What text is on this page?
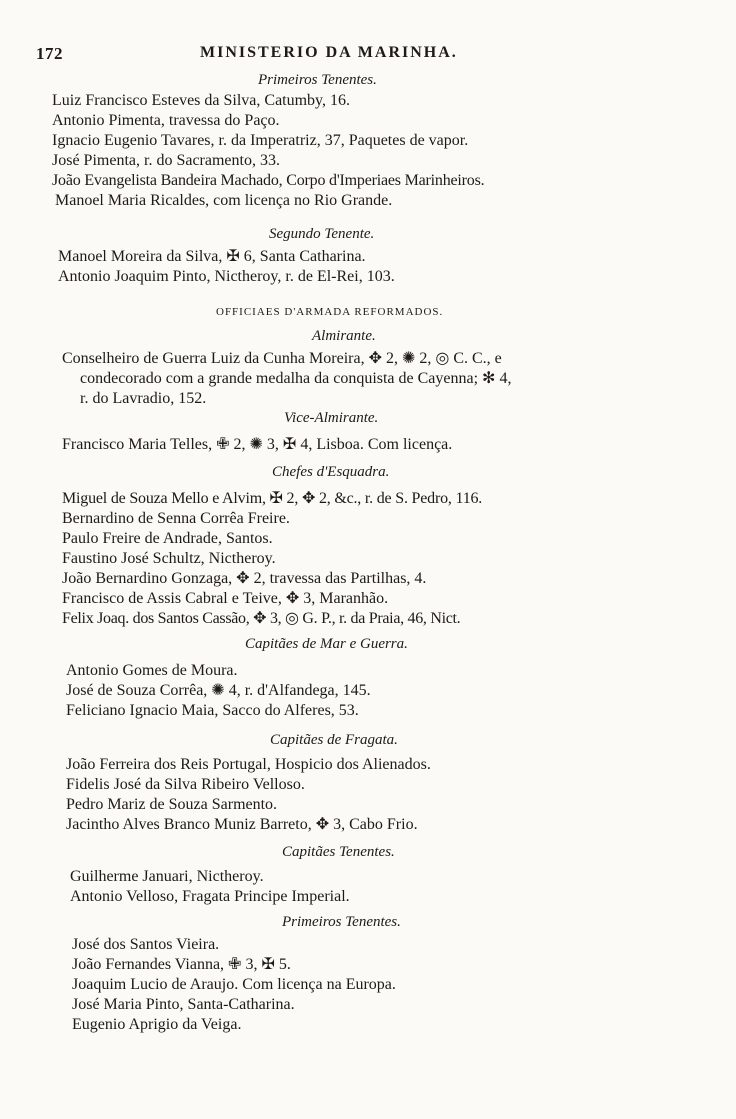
172	MINISTERIO DA MARINHA.
Primeiros Tenentes.
Luiz Francisco Esteves da Silva, Catumby, 16.
Antonio Pimenta, travessa do Paço.
Ignacio Eugenio Tavares, r. da Imperatriz, 37, Paquetes de vapor.
José Pimenta, r. do Sacramento, 33.
João Evangelista Bandeira Machado, Corpo d'Imperiaes Marinheiros.
Manoel Maria Ricaldes, com licença no Rio Grande.
Segundo Tenente.
Manoel Moreira da Silva, ✠ 6, Santa Catharina.
Antonio Joaquim Pinto, Nictheroy, r. de El-Rei, 103.
OFFICIAES D'ARMADA REFORMADOS.
Almirante.
Conselheiro de Guerra Luiz da Cunha Moreira, ✥ 2, ✺ 2, ◎ C. C., e
condecorado com a grande medalha da conquista de Cayenna; ✻ 4,
r. do Lavradio, 152.
Vice-Almirante.
Francisco Maria Telles, ✙ 2, ✺ 3, ✠ 4, Lisboa. Com licença.
Chefes d'Esquadra.
Miguel de Souza Mello e Alvim, ✠ 2, ✥ 2, &c., r. de S. Pedro, 116.
Bernardino de Senna Corrêa Freire.
Paulo Freire de Andrade, Santos.
Faustino José Schultz, Nictheroy.
João Bernardino Gonzaga, ✥ 2, travessa das Partilhas, 4.
Francisco de Assis Cabral e Teive, ✥ 3, Maranhão.
Felix Joaq. dos Santos Cassão, ✥ 3, ◎ G. P., r. da Praia, 46, Nict.
Capitães de Mar e Guerra.
Antonio Gomes de Moura.
José de Souza Corrêa, ✺ 4, r. d'Alfandega, 145.
Feliciano Ignacio Maia, Sacco do Alferes, 53.
Capitães de Fragata.
João Ferreira dos Reis Portugal, Hospicio dos Alienados.
Fidelis José da Silva Ribeiro Velloso.
Pedro Mariz de Souza Sarmento.
Jacintho Alves Branco Muniz Barreto, ✥ 3, Cabo Frio.
Capitães Tenentes.
Guilherme Januari, Nictheroy.
Antonio Velloso, Fragata Principe Imperial.
Primeiros Tenentes.
José dos Santos Vieira.
João Fernandes Vianna, ✙ 3, ✠ 5.
Joaquim Lucio de Araujo. Com licença na Europa.
José Maria Pinto, Santa-Catharina.
Eugenio Aprigio da Veiga.
